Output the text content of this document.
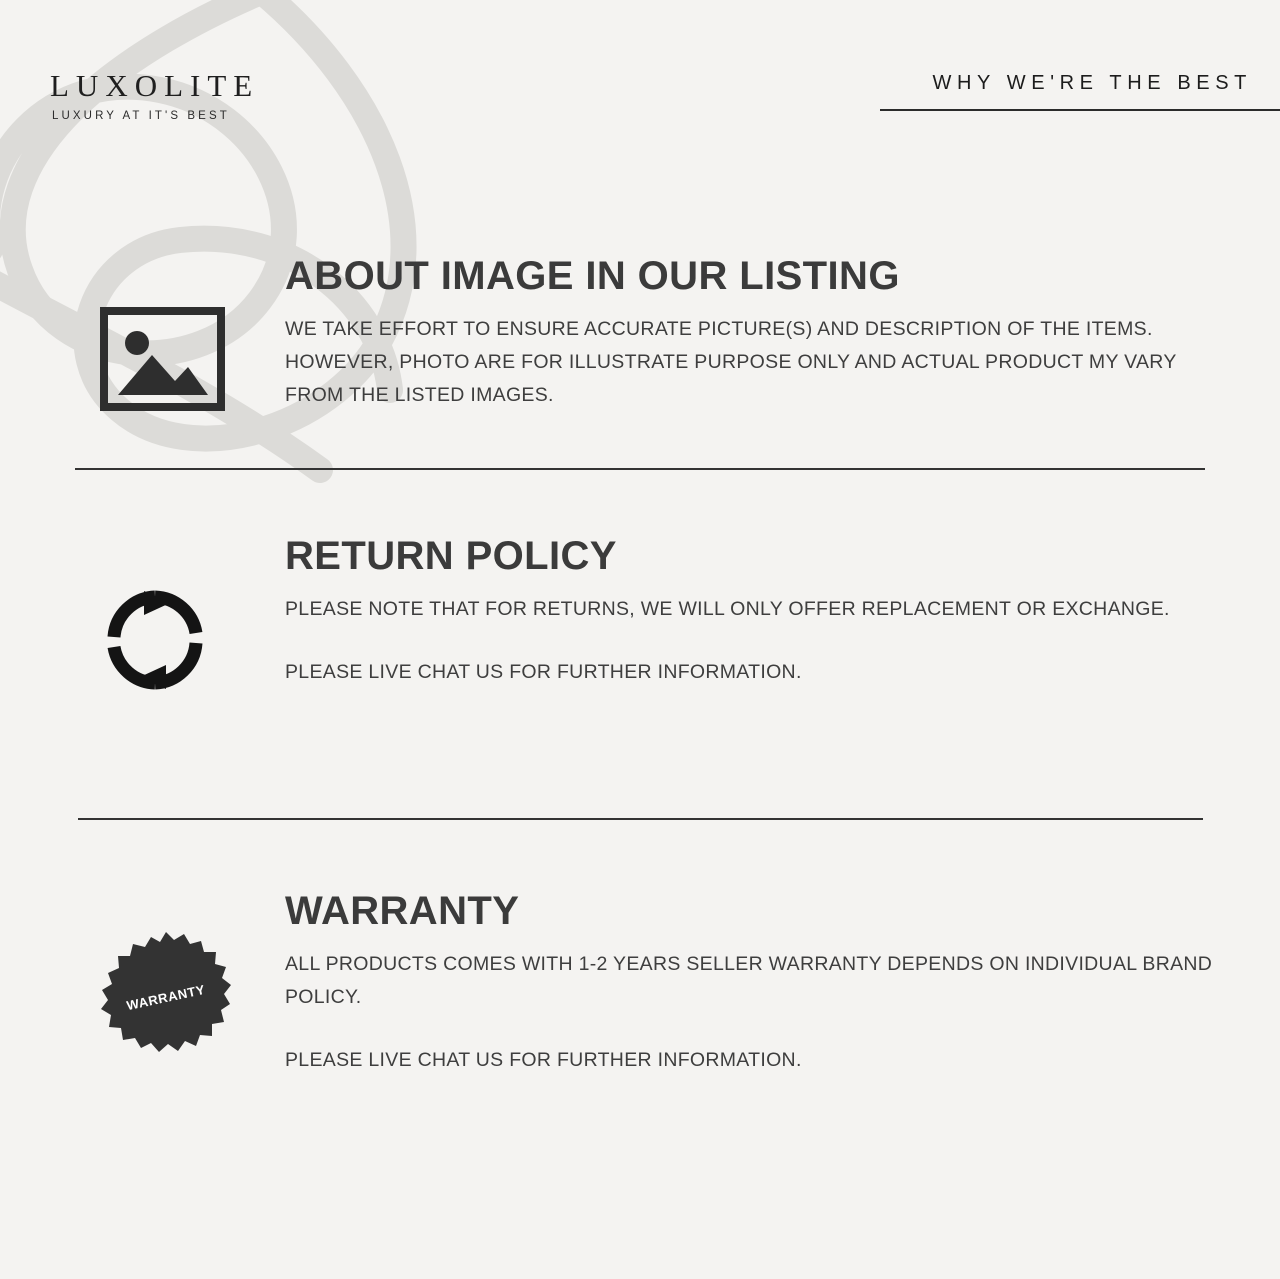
LUXOLITE
LUXURY AT IT'S BEST
WHY WE'RE THE BEST
ABOUT IMAGE IN OUR LISTING

WE TAKE EFFORT TO ENSURE ACCURATE PICTURE(S) AND DESCRIPTION OF THE ITEMS. HOWEVER, PHOTO ARE FOR ILLUSTRATE PURPOSE ONLY AND ACTUAL PRODUCT MY VARY FROM THE LISTED IMAGES.

RETURN POLICY

PLEASE NOTE THAT FOR RETURNS, WE WILL ONLY OFFER REPLACEMENT OR EXCHANGE.

PLEASE LIVE CHAT US FOR FURTHER INFORMATION.

WARRANTY
WARRANTY

ALL PRODUCTS COMES WITH 1-2 YEARS SELLER WARRANTY DEPENDS ON INDIVIDUAL BRAND POLICY.

PLEASE LIVE CHAT US FOR FURTHER INFORMATION.
